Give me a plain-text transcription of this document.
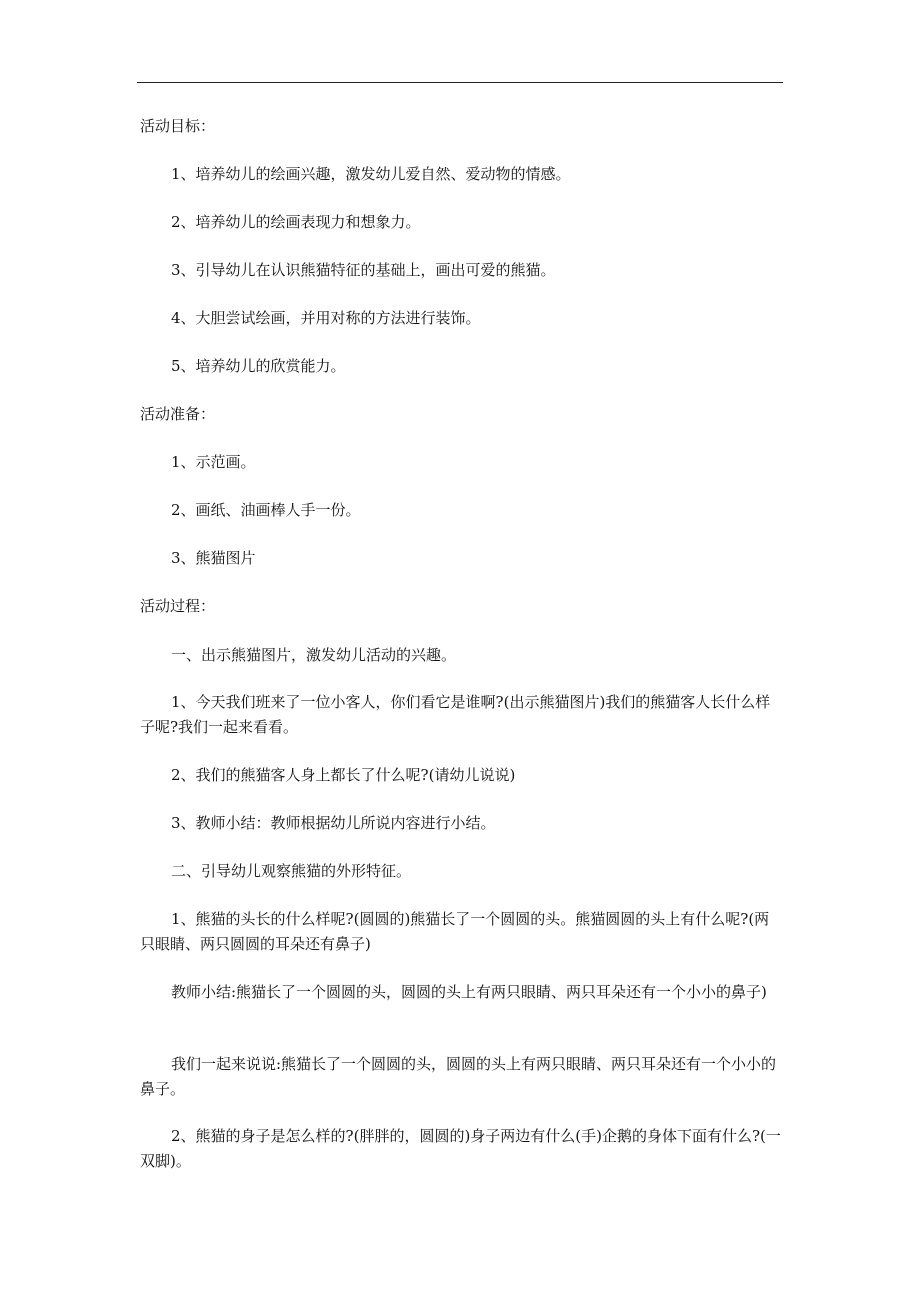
活动目标：

1、培养幼儿的绘画兴趣，激发幼儿爱自然、爱动物的情感。

2、培养幼儿的绘画表现力和想象力。

3、引导幼儿在认识熊猫特征的基础上，画出可爱的熊猫。

4、大胆尝试绘画，并用对称的方法进行装饰。

5、培养幼儿的欣赏能力。

活动准备：

1、示范画。

2、画纸、油画棒人手一份。

3、熊猫图片

活动过程：

一、出示熊猫图片，激发幼儿活动的兴趣。

1、今天我们班来了一位小客人，你们看它是谁啊?(出示熊猫图片)我们的熊猫客人长什么样子呢?我们一起来看看。

2、我们的熊猫客人身上都长了什么呢?(请幼儿说说)

3、教师小结：教师根据幼儿所说内容进行小结。

二、引导幼儿观察熊猫的外形特征。

1、熊猫的头长的什么样呢?(圆圆的)熊猫长了一个圆圆的头。熊猫圆圆的头上有什么呢?(两只眼睛、两只圆圆的耳朵还有鼻子)

教师小结:熊猫长了一个圆圆的头，圆圆的头上有两只眼睛、两只耳朵还有一个小小的鼻子)

我们一起来说说:熊猫长了一个圆圆的头，圆圆的头上有两只眼睛、两只耳朵还有一个小小的鼻子。

2、熊猫的身子是怎么样的?(胖胖的，圆圆的)身子两边有什么(手)企鹅的身体下面有什么?(一双脚)。
